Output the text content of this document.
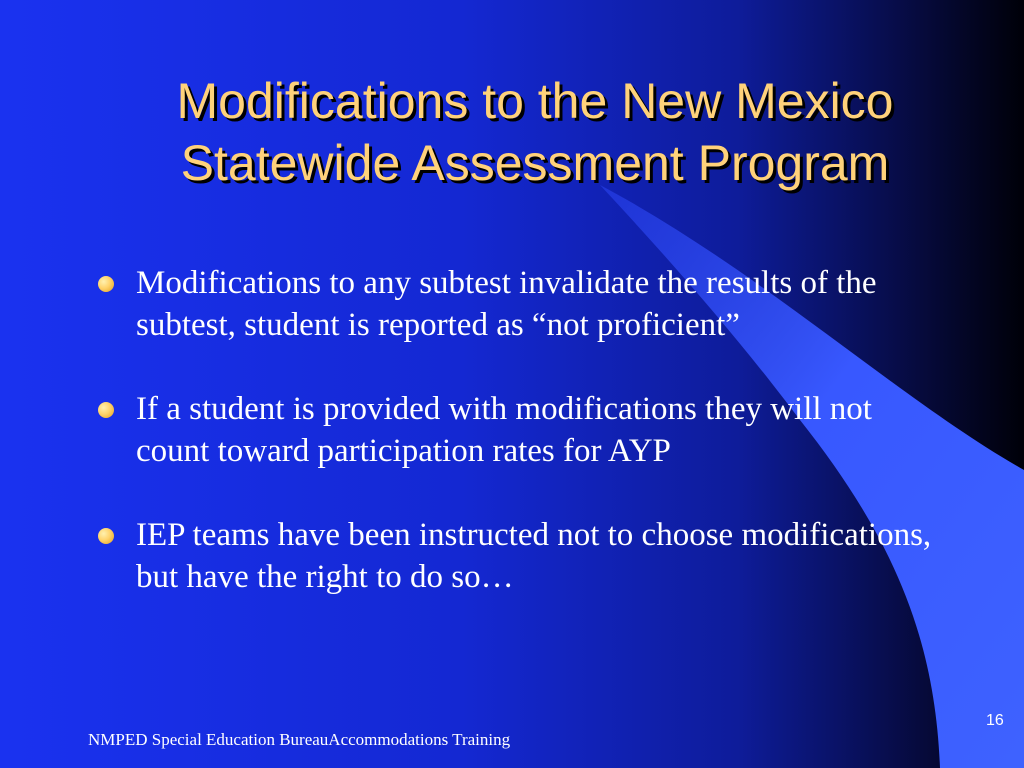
Modifications to the New Mexico
Statewide Assessment Program
Modifications to any subtest invalidate the results of the subtest, student is reported as “not proficient”
If a student is provided with modifications they will not count toward participation rates for AYP
IEP teams have been instructed not to choose modifications, but have the right to do so…
NMPED Special Education BureauAccommodations Training
16
